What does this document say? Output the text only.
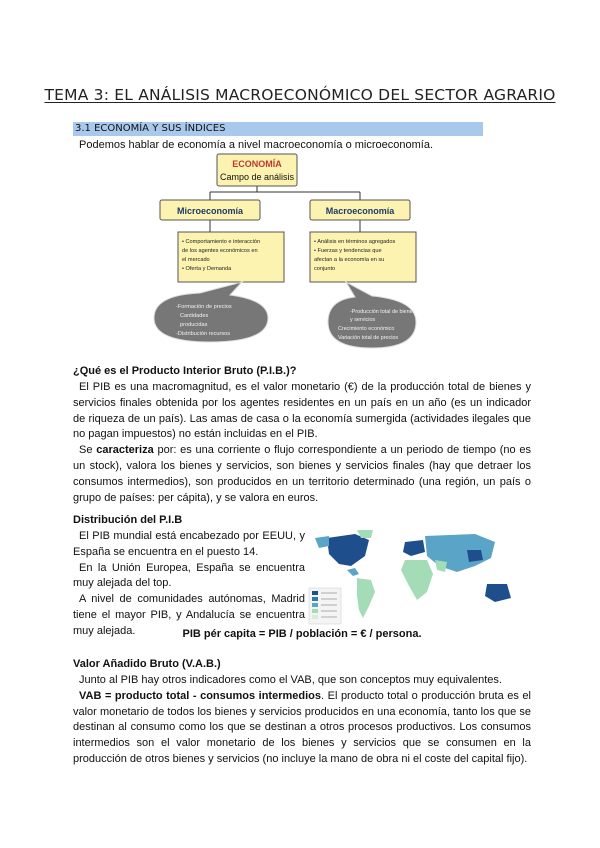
TEMA 3: EL ANÁLISIS MACROECONÓMICO DEL SECTOR AGRARIO
3.1 ECONOMÍA Y SUS ÍNDICES

Podemos hablar de economía a nivel macroeconomía o microeconomía.

ECONOMÍA
Campo de análisis
Microeconomía	Macroeconomía
• Comportamiento e interacción
de los agentes económicos en
el mercado
• Oferta y Demanda
• Análisis en términos agregados
• Fuerzas y tendencias que
afectan a la economía en su
conjunto
-Formación de precios
Cantidades
producidas
-Distribución recursos
-Producción total de bienes
y servicios
Crecimiento económico
Variación total de precios
¿Qué es el Producto Interior Bruto (P.I.B.)?

El PIB es una macromagnitud, es el valor monetario (€) de la producción total de bienes y servicios finales obtenida por los agentes residentes en un país en un año (es un indicador de riqueza de un país). Las amas de casa o la economía sumergida (actividades ilegales que no pagan impuestos) no están incluidas en el PIB.

Se caracteriza por: es una corriente o flujo correspondiente a un periodo de tiempo (no es un stock), valora los bienes y servicios, son bienes y servicios finales (hay que detraer los consumos intermedios), son producidos en un territorio determinado (una región, un país o grupo de países: per cápita), y se valora en euros.

Distribución del P.I.B

El PIB mundial está encabezado por EEUU, y España se encuentra en el puesto 14.

En la Unión Europea, España se encuentra muy alejada del top.

A nivel de comunidades autónomas, Madrid tiene el mayor PIB, y Andalucía se encuentra muy alejada.	PIB pér capita = PIB / población = € / persona.
Valor Añadido Bruto (V.A.B.)

Junto al PIB hay otros indicadores como el VAB, que son conceptos muy equivalentes.

VAB = producto total - consumos intermedios. El producto total o producción bruta es el valor monetario de todos los bienes y servicios producidos en una economía, tanto los que se destinan al consumo como los que se destinan a otros procesos productivos. Los consumos intermedios son el valor monetario de los bienes y servicios que se consumen en la producción de otros bienes y servicios (no incluye la mano de obra ni el coste del capital fijo).
